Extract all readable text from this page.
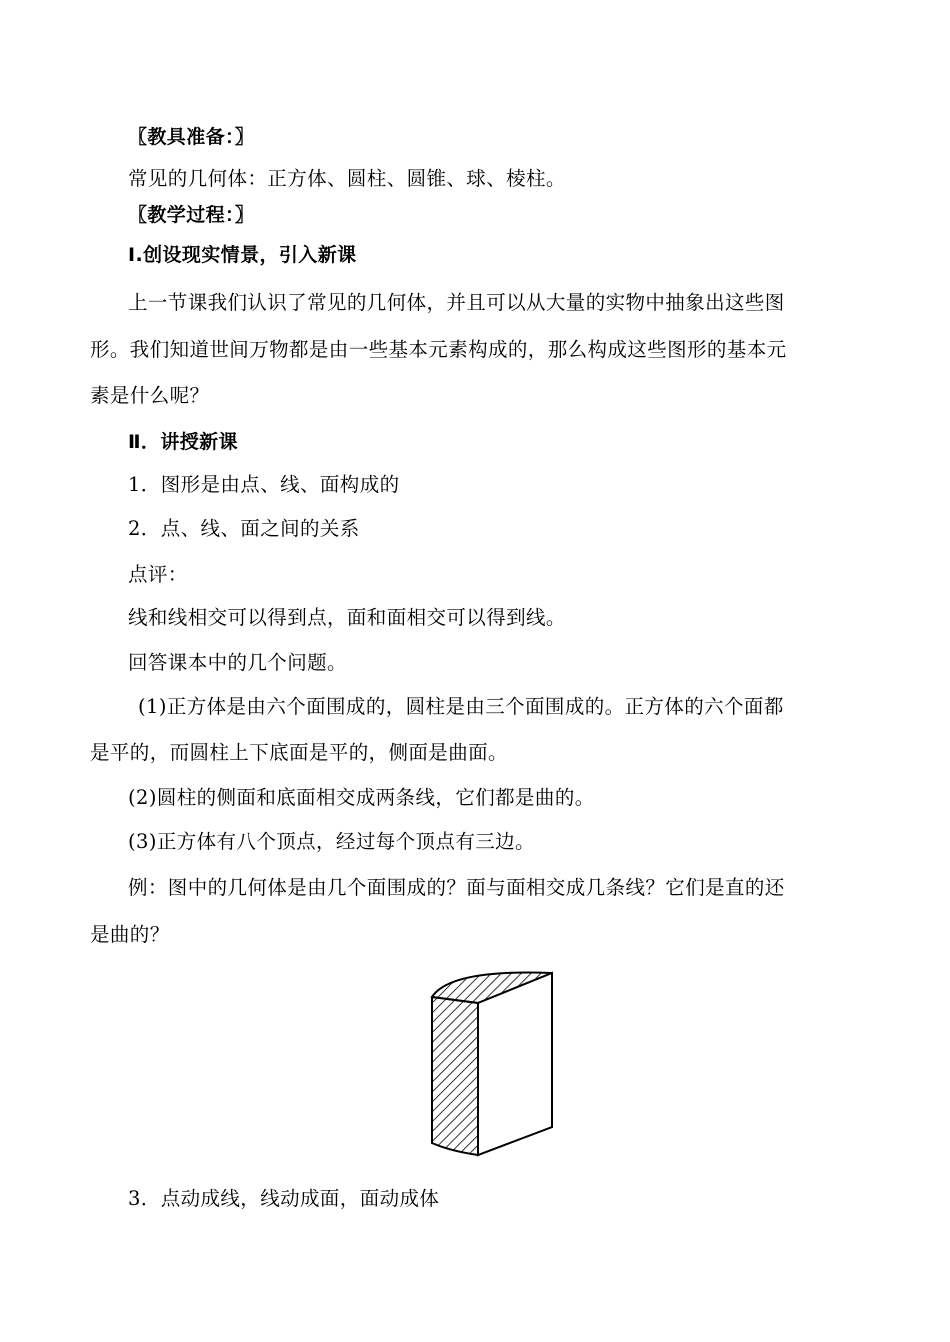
〖教具准备：〗
常见的几何体：正方体、圆柱、圆锥、球、棱柱。
〖教学过程：〗
Ⅰ.创设现实情景，引入新课
上一节课我们认识了常见的几何体，并且可以从大量的实物中抽象出这些图
形。我们知道世间万物都是由一些基本元素构成的，那么构成这些图形的基本元
素是什么呢？
Ⅱ．讲授新课
1．图形是由点、线、面构成的
2．点、线、面之间的关系
点评：
线和线相交可以得到点，面和面相交可以得到线。
回答课本中的几个问题。
(1)正方体是由六个面围成的，圆柱是由三个面围成的。正方体的六个面都
是平的，而圆柱上下底面是平的，侧面是曲面。
(2)圆柱的侧面和底面相交成两条线，它们都是曲的。
(3)正方体有八个顶点，经过每个顶点有三边。
例：图中的几何体是由几个面围成的？面与面相交成几条线？它们是直的还
是曲的？
3．点动成线，线动成面，面动成体
